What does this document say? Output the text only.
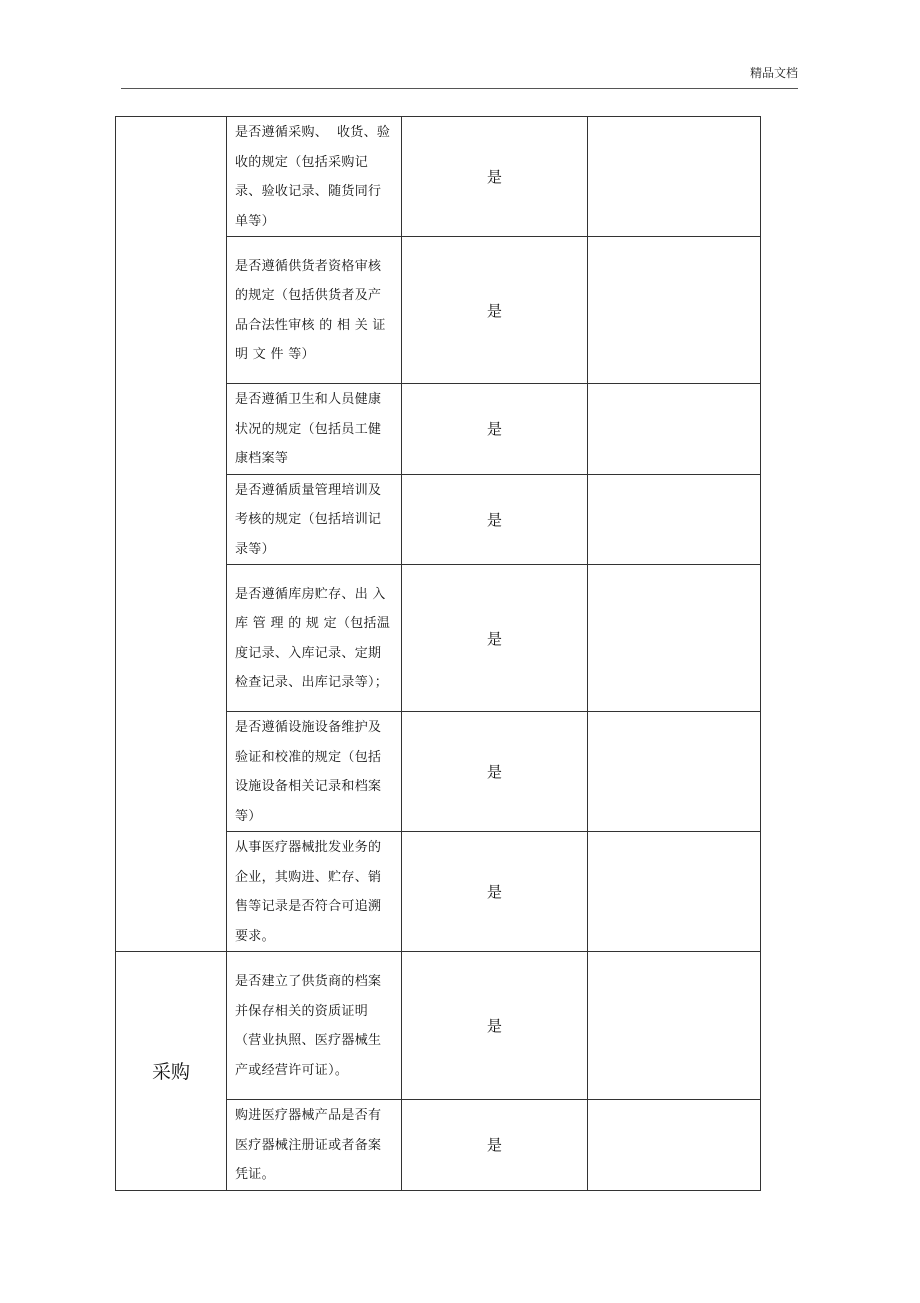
精品文档

	是否遵循采购、  收货、验收的规定（包括采购记录、验收记录、随货同行单等）	是	

	是否遵循供货者资格审核的规定（包括供货者及产品合法性审核 的 相 关 证 明 文 件 等）	是	

	是否遵循卫生和人员健康状况的规定（包括员工健康档案等	是	

	是否遵循质量管理培训及考核的规定（包括培训记录等）	是	

	是否遵循库房贮存、出 入 库 管 理 的 规 定（包括温度记录、入库记录、定期检查记录、出库记录等）；	是	

	是否遵循设施设备维护及验证和校准的规定（包括设施设备相关记录和档案等）	是	

	从事医疗器械批发业务的企业，其购进、贮存、销售等记录是否符合可追溯要求。	是	
采购	是否建立了供货商的档案并保存相关的资质证明（营业执照、医疗器械生产或经营许可证）。	是	

	购进医疗器械产品是否有医疗器械注册证或者备案凭证。	是	
